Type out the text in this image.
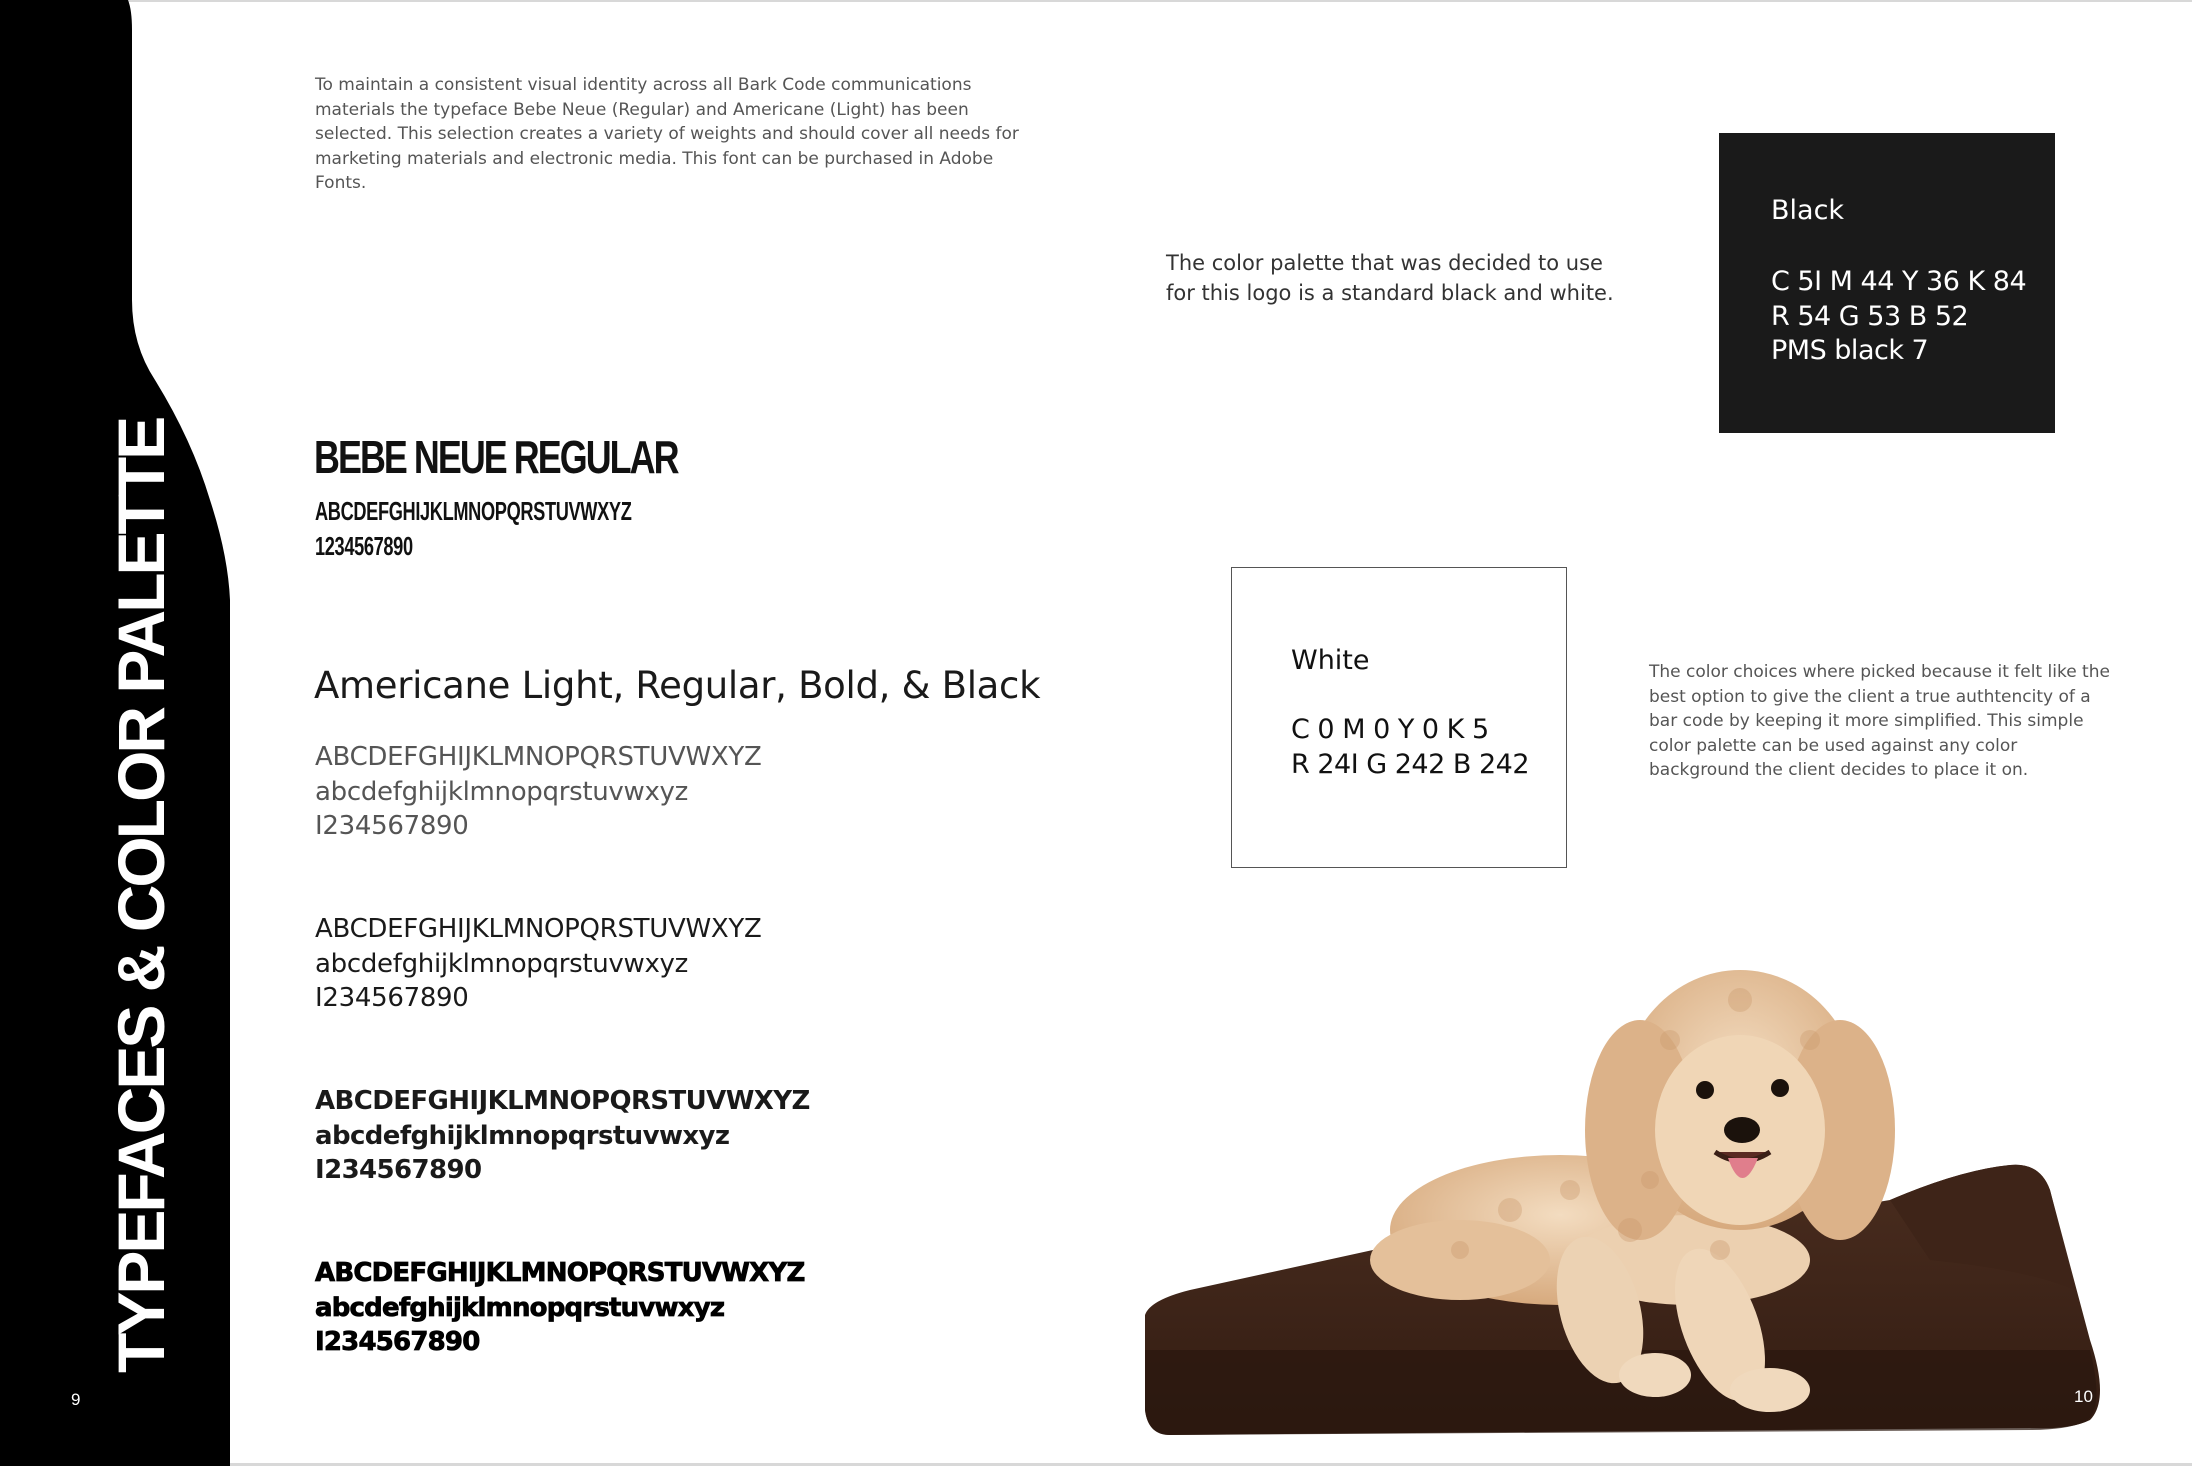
TYPEFACES & COLOR PALETTE
9
To maintain a consistent visual identity across all Bark Code communications materials the typeface Bebe Neue (Regular) and Americane (Light) has been selected. This selection creates a variety of weights and should cover all needs for marketing materials and electronic media. This font can be purchased in Adobe Fonts.
BEBE NEUE REGULAR
ABCDEFGHIJKLMNOPQRSTUVWXYZ
1234567890
Americane Light, Regular, Bold, & Black
ABCDEFGHIJKLMNOPQRSTUVWXYZ
abcdefghijklmnopqrstuvwxyz
I234567890
ABCDEFGHIJKLMNOPQRSTUVWXYZ
abcdefghijklmnopqrstuvwxyz
I234567890
ABCDEFGHIJKLMNOPQRSTUVWXYZ
abcdefghijklmnopqrstuvwxyz
I234567890
ABCDEFGHIJKLMNOPQRSTUVWXYZ
abcdefghijklmnopqrstuvwxyz
I234567890
The color palette that was decided to use for this logo is a standard black and white.
Black
C 5I M 44 Y 36 K 84
R 54 G 53 B 52
PMS black 7
White
C 0 M 0 Y 0 K 5
R 24I G 242 B 242
The color choices where picked because it felt like the best option to give the client a true authtencity of a bar code by keeping it more simplified. This simple color palette can be used against any color background the client decides to place it on.
10
